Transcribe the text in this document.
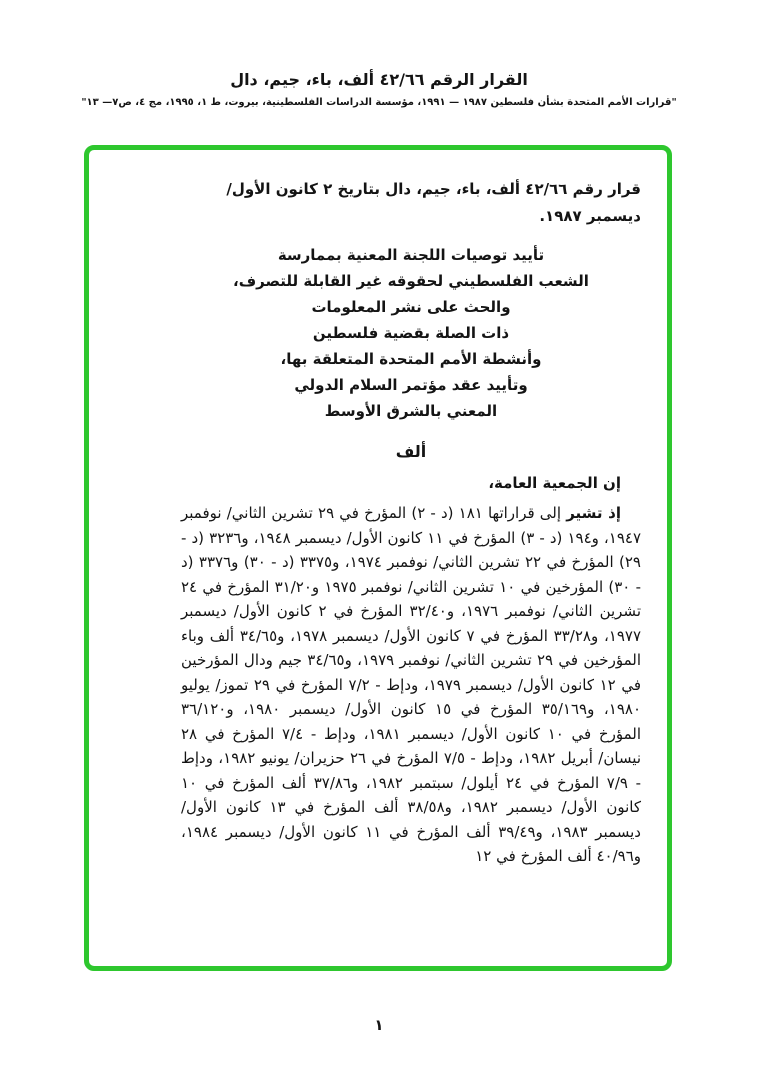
القرار الرقم ٤٢/٦٦ ألف، باء، جيم، دال
"قرارات الأمم المتحدة بشأن فلسطين ١٩٨٧ — ١٩٩١، مؤسسة الدراسات الفلسطينية، بيروت، ط ١، ١٩٩٥، مج ٤، ص٧— ١٣"

قرار رقم ٤٢/٦٦ ألف، باء، جيم، دال بتاريخ ٢ كانون الأول/ ديسمبر ١٩٨٧.

تأييد توصيات اللجنة المعنية بممارسة
الشعب الفلسطيني لحقوقه غير القابلة للتصرف،
والحث على نشر المعلومات
ذات الصلة بقضية فلسطين
وأنشطة الأمم المتحدة المتعلقة بها،
وتأييد عقد مؤتمر السلام الدولي
المعني بالشرق الأوسط
ألف

إن الجمعية العامة،

إذ تشير إلى قراراتها ١٨١ (د - ٢) المؤرخ في ٢٩ تشرين الثاني/ نوفمبر ١٩٤٧، و١٩٤ (د - ٣) المؤرخ في ١١ كانون الأول/ ديسمبر ١٩٤٨، و٣٢٣٦ (د - ٢٩) المؤرخ في ٢٢ تشرين الثاني/ نوفمبر ١٩٧٤، و٣٣٧٥ (د - ٣٠) و٣٣٧٦ (د - ٣٠) المؤرخين في ١٠ تشرين الثاني/ نوفمبر ١٩٧٥ و٣١/٢٠ المؤرخ في ٢٤ تشرين الثاني/ نوفمبر ١٩٧٦، و٣٢/٤٠ المؤرخ في ٢ كانون الأول/ ديسمبر ١٩٧٧، و٣٣/٢٨ المؤرخ في ٧ كانون الأول/ ديسمبر ١٩٧٨، و٣٤/٦٥ ألف وباء المؤرخين في ٢٩ تشرين الثاني/ نوفمبر ١٩٧٩، و٣٤/٦٥ جيم ودال المؤرخين في ١٢ كانون الأول/ ديسمبر ١٩٧٩، ودإط - ٧/٢ المؤرخ في ٢٩ تموز/ يوليو ١٩٨٠، و٣٥/١٦٩ المؤرخ في ١٥ كانون الأول/ ديسمبر ١٩٨٠، و٣٦/١٢٠ المؤرخ في ١٠ كانون الأول/ ديسمبر ١٩٨١، ودإط - ٧/٤ المؤرخ في ٢٨ نيسان/ أبريل ١٩٨٢، ودإط - ٧/٥ المؤرخ في ٢٦ حزيران/ يونيو ١٩٨٢، ودإط - ٧/٩ المؤرخ في ٢٤ أيلول/ سبتمبر ١٩٨٢، و٣٧/٨٦ ألف المؤرخ في ١٠ كانون الأول/ ديسمبر ١٩٨٢، و٣٨/٥٨ ألف المؤرخ في ١٣ كانون الأول/ ديسمبر ١٩٨٣، و٣٩/٤٩ ألف المؤرخ في ١١ كانون الأول/ ديسمبر ١٩٨٤، و٤٠/٩٦ ألف المؤرخ في ١٢

١
